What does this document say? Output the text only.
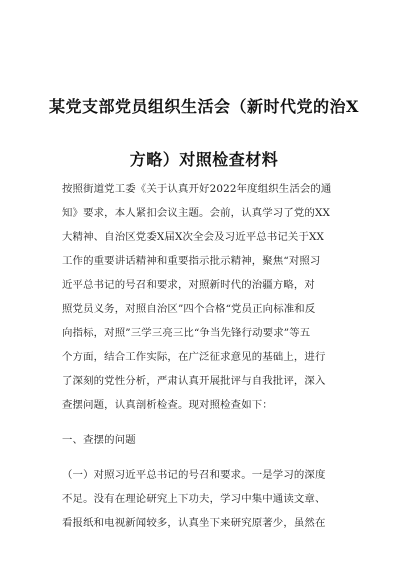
某党支部党员组织生活会（新时代党的治X
方略）对照检查材料
按照街道党工委《关于认真开好2022年度组织生活会的通
知》要求，本人紧扣会议主题。会前，认真学习了党的XX
大精神、自治区党委X届X次全会及习近平总书记关于XX
工作的重要讲话精神和重要指示批示精神，聚焦“对照习
近平总书记的号召和要求，对照新时代的治疆方略，对
照党员义务，对照自治区”四个合格“党员正向标准和反
向指标，对照”三学三亮三比“争当先锋行动要求”等五
个方面，结合工作实际，在广泛征求意见的基础上，进行
了深刻的党性分析，严肃认真开展批评与自我批评，深入
查摆问题，认真剖析检查。现对照检查如下：
一、查摆的问题
（一）对照习近平总书记的号召和要求。一是学习的深度
不足。没有在理论研究上下功夫，学习中集中通读文章、
看报纸和电视新闻较多，认真坐下来研究原著少，虽然在
